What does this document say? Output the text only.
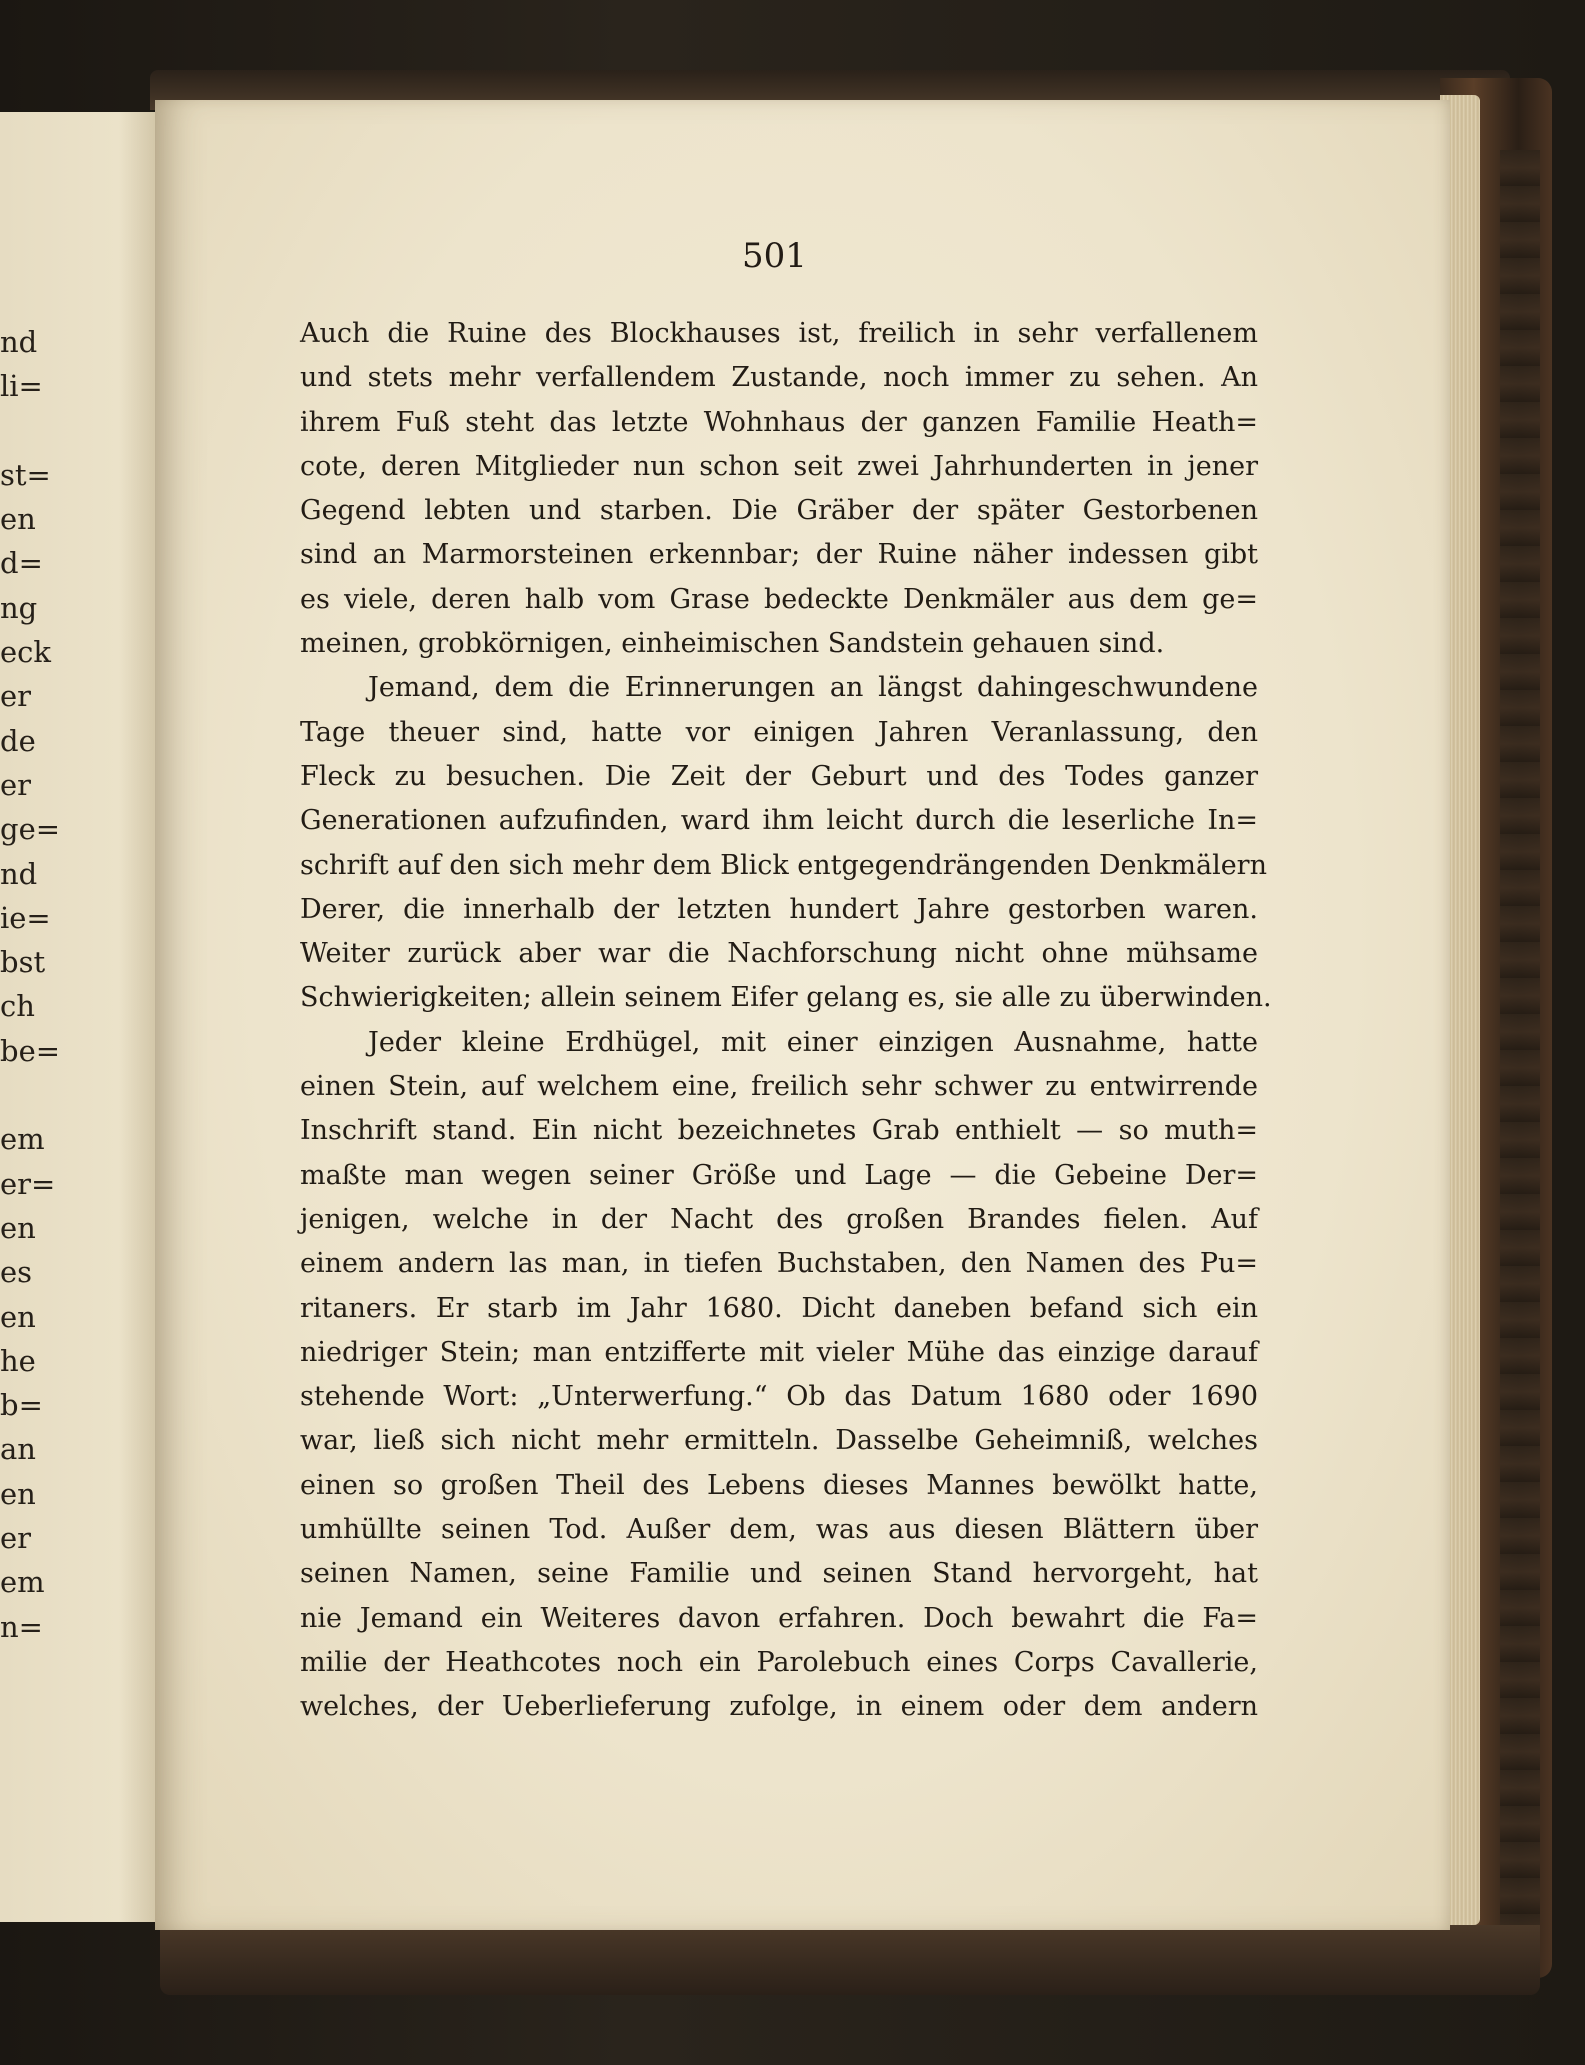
nd
li=
st=
en
d=
ng
eck
er
de
er
ge=
nd
ie=
bst
ch
be=
em
er=
en
es
en
he
b=
an
en
er
em
n=
501
Auch die Ruine des Blockhauses ist, freilich in sehr verfallenem
und stets mehr verfallendem Zustande, noch immer zu sehen. An
ihrem Fuß steht das letzte Wohnhaus der ganzen Familie Heath=
cote, deren Mitglieder nun schon seit zwei Jahrhunderten in jener
Gegend lebten und starben. Die Gräber der später Gestorbenen
sind an Marmorsteinen erkennbar; der Ruine näher indessen gibt
es viele, deren halb vom Grase bedeckte Denkmäler aus dem ge=
meinen, grobkörnigen, einheimischen Sandstein gehauen sind.
Jemand, dem die Erinnerungen an längst dahingeschwundene
Tage theuer sind, hatte vor einigen Jahren Veranlassung, den
Fleck zu besuchen. Die Zeit der Geburt und des Todes ganzer
Generationen aufzufinden, ward ihm leicht durch die leserliche In=
schrift auf den sich mehr dem Blick entgegendrängenden Denkmälern
Derer, die innerhalb der letzten hundert Jahre gestorben waren.
Weiter zurück aber war die Nachforschung nicht ohne mühsame
Schwierigkeiten; allein seinem Eifer gelang es, sie alle zu überwinden.
Jeder kleine Erdhügel, mit einer einzigen Ausnahme, hatte
einen Stein, auf welchem eine, freilich sehr schwer zu entwirrende
Inschrift stand. Ein nicht bezeichnetes Grab enthielt — so muth=
maßte man wegen seiner Größe und Lage — die Gebeine Der=
jenigen, welche in der Nacht des großen Brandes fielen. Auf
einem andern las man, in tiefen Buchstaben, den Namen des Pu=
ritaners. Er starb im Jahr 1680. Dicht daneben befand sich ein
niedriger Stein; man entzifferte mit vieler Mühe das einzige darauf
stehende Wort: „Unterwerfung.“ Ob das Datum 1680 oder 1690
war, ließ sich nicht mehr ermitteln. Dasselbe Geheimniß, welches
einen so großen Theil des Lebens dieses Mannes bewölkt hatte,
umhüllte seinen Tod. Außer dem, was aus diesen Blättern über
seinen Namen, seine Familie und seinen Stand hervorgeht, hat
nie Jemand ein Weiteres davon erfahren. Doch bewahrt die Fa=
milie der Heathcotes noch ein Parolebuch eines Corps Cavallerie,
welches, der Ueberlieferung zufolge, in einem oder dem andern
